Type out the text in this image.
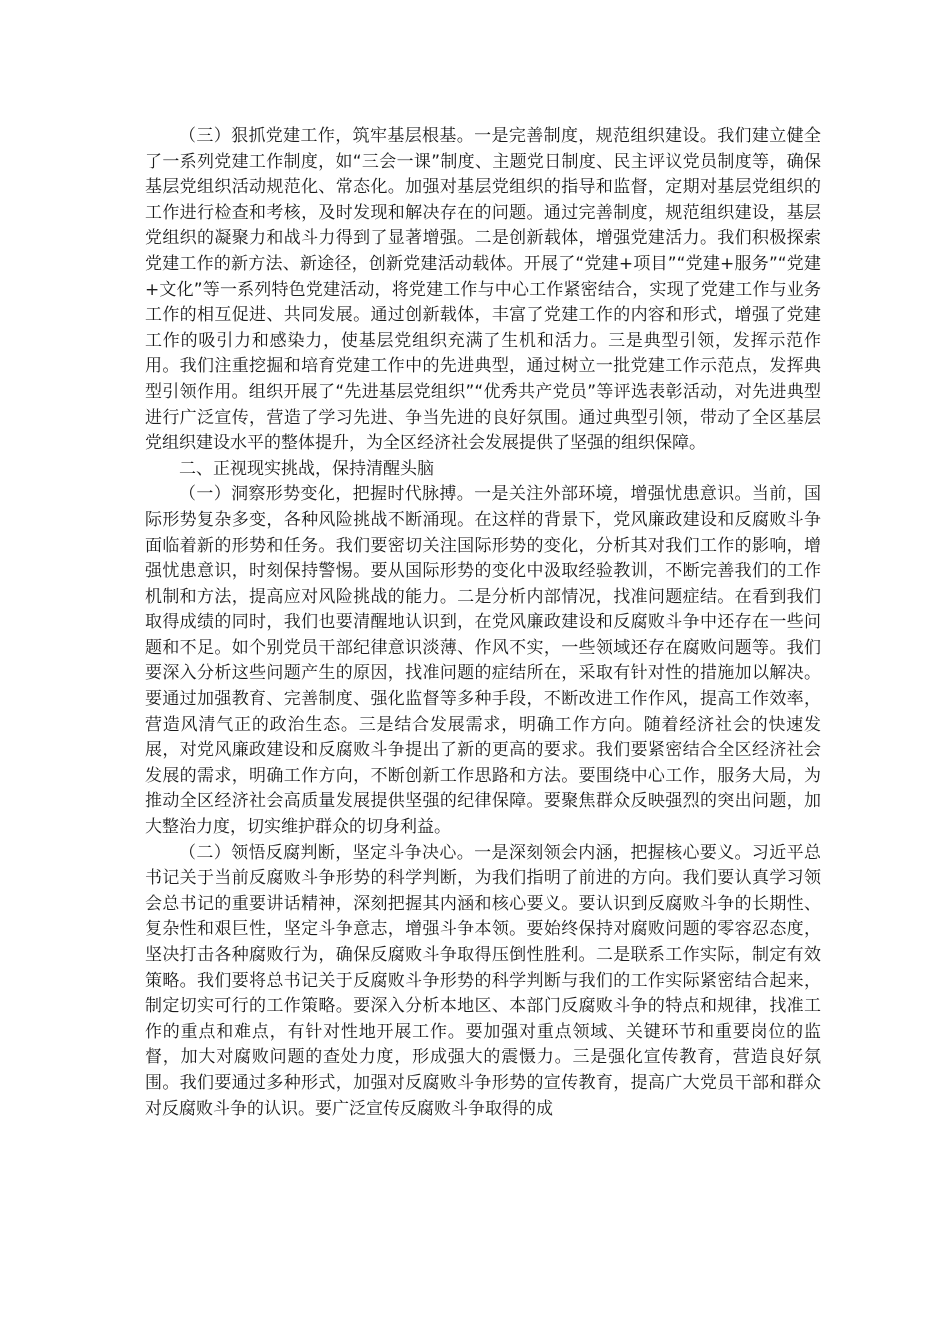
（三）狠抓党建工作，筑牢基层根基。一是完善制度，规范组织建设。我们建立健全了一系列党建工作制度，如“三会一课”制度、主题党日制度、民主评议党员制度等，确保基层党组织活动规范化、常态化。加强对基层党组织的指导和监督，定期对基层党组织的工作进行检查和考核，及时发现和解决存在的问题。通过完善制度，规范组织建设，基层党组织的凝聚力和战斗力得到了显著增强。二是创新载体，增强党建活力。我们积极探索党建工作的新方法、新途径，创新党建活动载体。开展了“党建+项目”“党建+服务”“党建+文化”等一系列特色党建活动，将党建工作与中心工作紧密结合，实现了党建工作与业务工作的相互促进、共同发展。通过创新载体，丰富了党建工作的内容和形式，增强了党建工作的吸引力和感染力，使基层党组织充满了生机和活力。三是典型引领，发挥示范作用。我们注重挖掘和培育党建工作中的先进典型，通过树立一批党建工作示范点，发挥典型引领作用。组织开展了“先进基层党组织”“优秀共产党员”等评选表彰活动，对先进典型进行广泛宣传，营造了学习先进、争当先进的良好氛围。通过典型引领，带动了全区基层党组织建设水平的整体提升，为全区经济社会发展提供了坚强的组织保障。

二、正视现实挑战，保持清醒头脑

（一）洞察形势变化，把握时代脉搏。一是关注外部环境，增强忧患意识。当前，国际形势复杂多变，各种风险挑战不断涌现。在这样的背景下，党风廉政建设和反腐败斗争面临着新的形势和任务。我们要密切关注国际形势的变化，分析其对我们工作的影响，增强忧患意识，时刻保持警惕。要从国际形势的变化中汲取经验教训，不断完善我们的工作机制和方法，提高应对风险挑战的能力。二是分析内部情况，找准问题症结。在看到我们取得成绩的同时，我们也要清醒地认识到，在党风廉政建设和反腐败斗争中还存在一些问题和不足。如个别党员干部纪律意识淡薄、作风不实，一些领域还存在腐败问题等。我们要深入分析这些问题产生的原因，找准问题的症结所在，采取有针对性的措施加以解决。要通过加强教育、完善制度、强化监督等多种手段，不断改进工作作风，提高工作效率，营造风清气正的政治生态。三是结合发展需求，明确工作方向。随着经济社会的快速发展，对党风廉政建设和反腐败斗争提出了新的更高的要求。我们要紧密结合全区经济社会发展的需求，明确工作方向，不断创新工作思路和方法。要围绕中心工作，服务大局，为推动全区经济社会高质量发展提供坚强的纪律保障。要聚焦群众反映强烈的突出问题，加大整治力度，切实维护群众的切身利益。

（二）领悟反腐判断，坚定斗争决心。一是深刻领会内涵，把握核心要义。习近平总书记关于当前反腐败斗争形势的科学判断，为我们指明了前进的方向。我们要认真学习领会总书记的重要讲话精神，深刻把握其内涵和核心要义。要认识到反腐败斗争的长期性、复杂性和艰巨性，坚定斗争意志，增强斗争本领。要始终保持对腐败问题的零容忍态度，坚决打击各种腐败行为，确保反腐败斗争取得压倒性胜利。二是联系工作实际，制定有效策略。我们要将总书记关于反腐败斗争形势的科学判断与我们的工作实际紧密结合起来，制定切实可行的工作策略。要深入分析本地区、本部门反腐败斗争的特点和规律，找准工作的重点和难点，有针对性地开展工作。要加强对重点领域、关键环节和重要岗位的监督，加大对腐败问题的查处力度，形成强大的震慑力。三是强化宣传教育，营造良好氛围。我们要通过多种形式，加强对反腐败斗争形势的宣传教育，提高广大党员干部和群众对反腐败斗争的认识。要广泛宣传反腐败斗争取得的成
